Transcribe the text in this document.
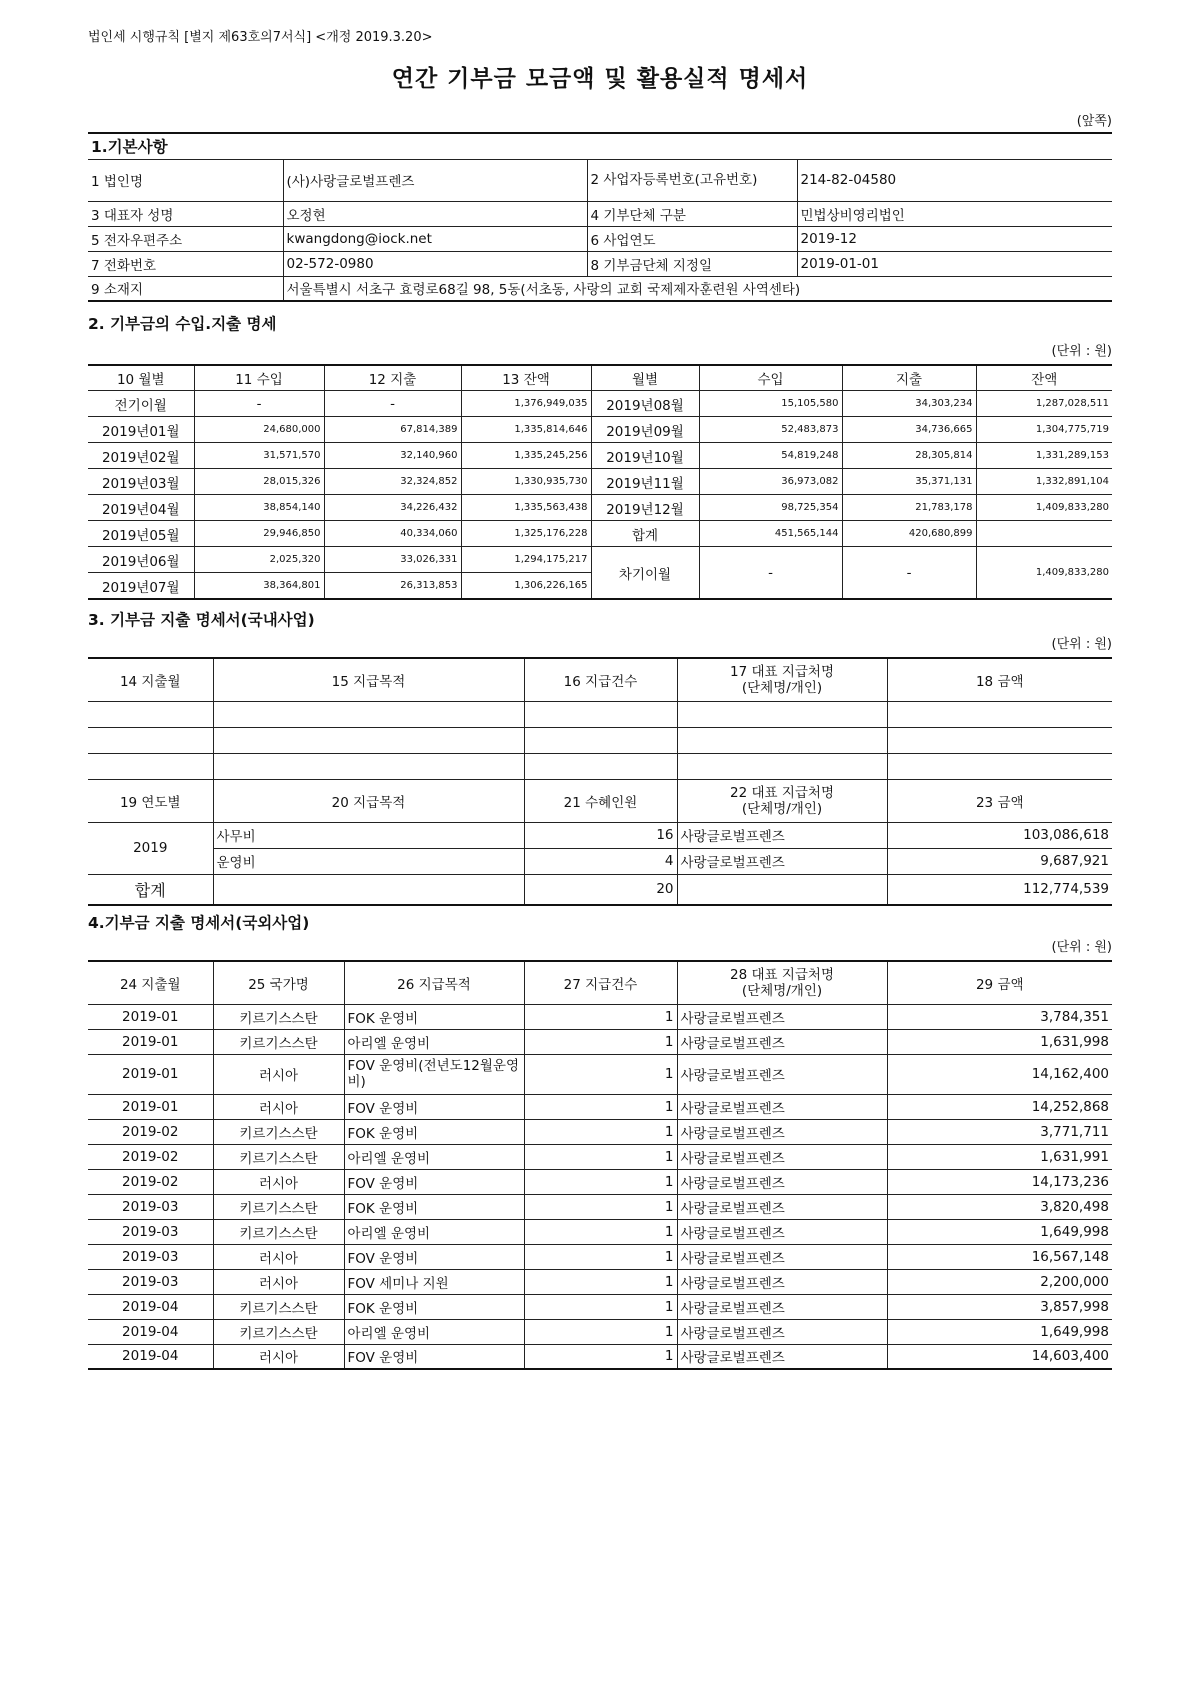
법인세 시행규칙 [별지 제63호의7서식] <개정 2019.3.20>
연간 기부금 모금액 및 활용실적 명세서
(앞쪽)
1.기본사항			
1 법인명	(사)사랑글로벌프렌즈	2 사업자등록번호(고유번호)	214-82-04580
3 대표자 성명	오정현	4 기부단체 구분	민법상비영리법인
5 전자우편주소	kwangdong@iock.net	6 사업연도	2019-12
7 전화번호	02-572-0980	8 기부금단체 지정일	2019-01-01
9 소재지	서울특별시 서초구 효령로68길 98, 5동(서초동, 사랑의 교회 국제제자훈련원 사역센타)		
2. 기부금의 수입.지출 명세
(단위 : 원)
10 월별	11 수입	12 지출	13 잔액	월별	수입	지출	잔액
전기이월	-	-	1,376,949,035	2019년08월	15,105,580	34,303,234	1,287,028,511
2019년01월	24,680,000	67,814,389	1,335,814,646	2019년09월	52,483,873	34,736,665	1,304,775,719
2019년02월	31,571,570	32,140,960	1,335,245,256	2019년10월	54,819,248	28,305,814	1,331,289,153
2019년03월	28,015,326	32,324,852	1,330,935,730	2019년11월	36,973,082	35,371,131	1,332,891,104
2019년04월	38,854,140	34,226,432	1,335,563,438	2019년12월	98,725,354	21,783,178	1,409,833,280
2019년05월	29,946,850	40,334,060	1,325,176,228	합계	451,565,144	420,680,899	
2019년06월	2,025,320	33,026,331	1,294,175,217	차기이월	-	-	1,409,833,280
2019년07월	38,364,801	26,313,853	1,306,226,165				
3. 기부금 지출 명세서(국내사업)
(단위 : 원)
14 지출월	15 지급목적	16 지급건수	17 대표 지급처명
(단체명/개인)	18 금액

19 연도별	20 지급목적	21 수혜인원	22 대표 지급처명
(단체명/개인)	23 금액
2019	사무비	16	사랑글로벌프렌즈	103,086,618
	운영비	4	사랑글로벌프렌즈	9,687,921
합계		20		112,774,539
4.기부금 지출 명세서(국외사업)
(단위 : 원)
24 지출월	25 국가명	26 지급목적	27 지급건수	28 대표 지급처명
(단체명/개인)	29 금액
2019-01	키르기스스탄	FOK 운영비	1	사랑글로벌프렌즈	3,784,351
2019-01	키르기스스탄	아리엘 운영비	1	사랑글로벌프렌즈	1,631,998
2019-01	러시아	FOV 운영비(전년도12월운영비)	1	사랑글로벌프렌즈	14,162,400
2019-01	러시아	FOV 운영비	1	사랑글로벌프렌즈	14,252,868
2019-02	키르기스스탄	FOK 운영비	1	사랑글로벌프렌즈	3,771,711
2019-02	키르기스스탄	아리엘 운영비	1	사랑글로벌프렌즈	1,631,991
2019-02	러시아	FOV 운영비	1	사랑글로벌프렌즈	14,173,236
2019-03	키르기스스탄	FOK 운영비	1	사랑글로벌프렌즈	3,820,498
2019-03	키르기스스탄	아리엘 운영비	1	사랑글로벌프렌즈	1,649,998
2019-03	러시아	FOV 운영비	1	사랑글로벌프렌즈	16,567,148
2019-03	러시아	FOV 세미나 지원	1	사랑글로벌프렌즈	2,200,000
2019-04	키르기스스탄	FOK 운영비	1	사랑글로벌프렌즈	3,857,998
2019-04	키르기스스탄	아리엘 운영비	1	사랑글로벌프렌즈	1,649,998
2019-04	러시아	FOV 운영비	1	사랑글로벌프렌즈	14,603,400
